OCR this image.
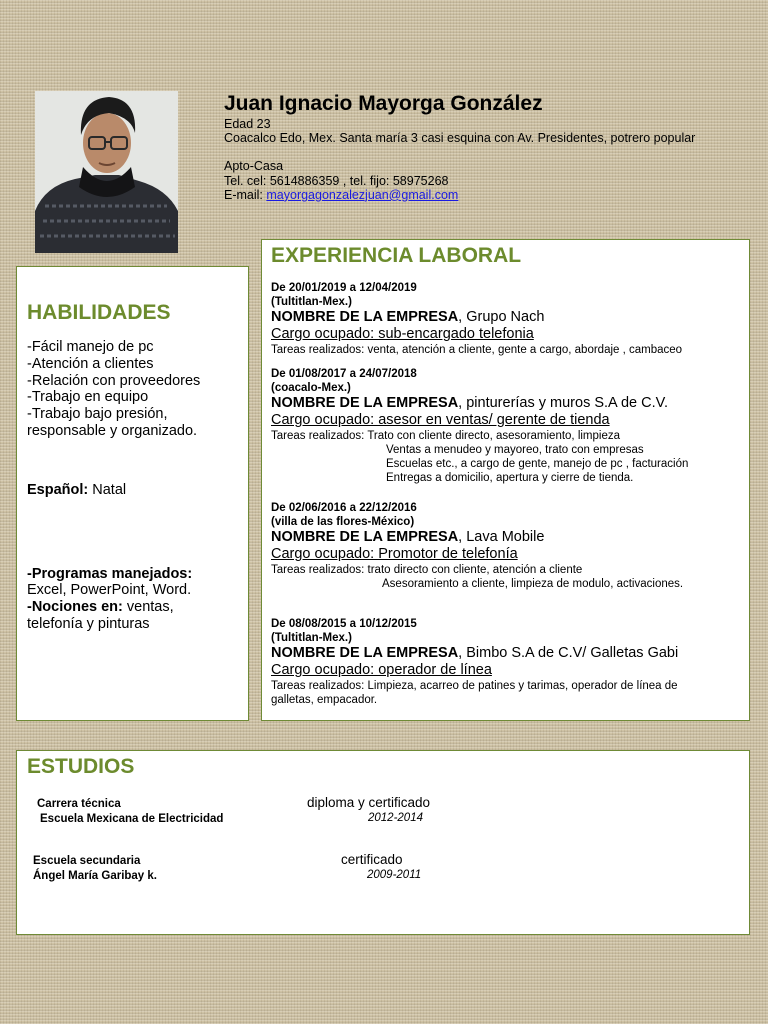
Juan Ignacio Mayorga González
Edad 23
Coacalco Edo, Mex. Santa maría 3 casi esquina con Av. Presidentes, potrero popular
Apto-Casa
Tel. cel: 5614886359 , tel. fijo: 58975268
E-mail: mayorgagonzalezjuan@gmail.com
HABILIDADES
-Fácil manejo de pc
-Atención a clientes
-Relación con proveedores
-Trabajo en equipo
-Trabajo bajo presión,
responsable y organizado.
Español: Natal
-Programas manejados:
Excel, PowerPoint, Word.
-Nociones en: ventas,
telefonía y pinturas
EXPERIENCIA LABORAL
De 20/01/2019 a 12/04/2019
(Tultitlan-Mex.)
NOMBRE DE LA EMPRESA, Grupo Nach
Cargo ocupado: sub-encargado telefonia
Tareas realizados: venta, atención a cliente, gente a cargo, abordaje , cambaceo
De 01/08/2017 a 24/07/2018
(coacalo-Mex.)
NOMBRE DE LA EMPRESA, pinturerías y muros S.A de C.V.
Cargo ocupado: asesor en ventas/ gerente de tienda
Tareas realizados: Trato con cliente directo, asesoramiento, limpieza
Ventas a menudeo y mayoreo, trato con empresas
Escuelas etc., a cargo de gente, manejo de pc , facturación
Entregas a domicilio, apertura y cierre de tienda.
De 02/06/2016 a 22/12/2016
(villa de las flores-México)
NOMBRE DE LA EMPRESA, Lava Mobile
Cargo ocupado: Promotor de telefonía
Tareas realizados: trato directo con cliente, atención a cliente
Asesoramiento a cliente, limpieza de modulo, activaciones.
De 08/08/2015 a 10/12/2015
(Tultitlan-Mex.)
NOMBRE DE LA EMPRESA, Bimbo S.A de C.V/ Galletas Gabi
Cargo ocupado: operador de línea
Tareas realizados: Limpieza, acarreo de patines y tarimas, operador de línea de
galletas, empacador.
ESTUDIOS
Carrera técnica
Escuela Mexicana de Electricidad
diploma y certificado
2012-2014
Escuela secundaria
Ángel María Garibay k.
certificado
2009-2011
